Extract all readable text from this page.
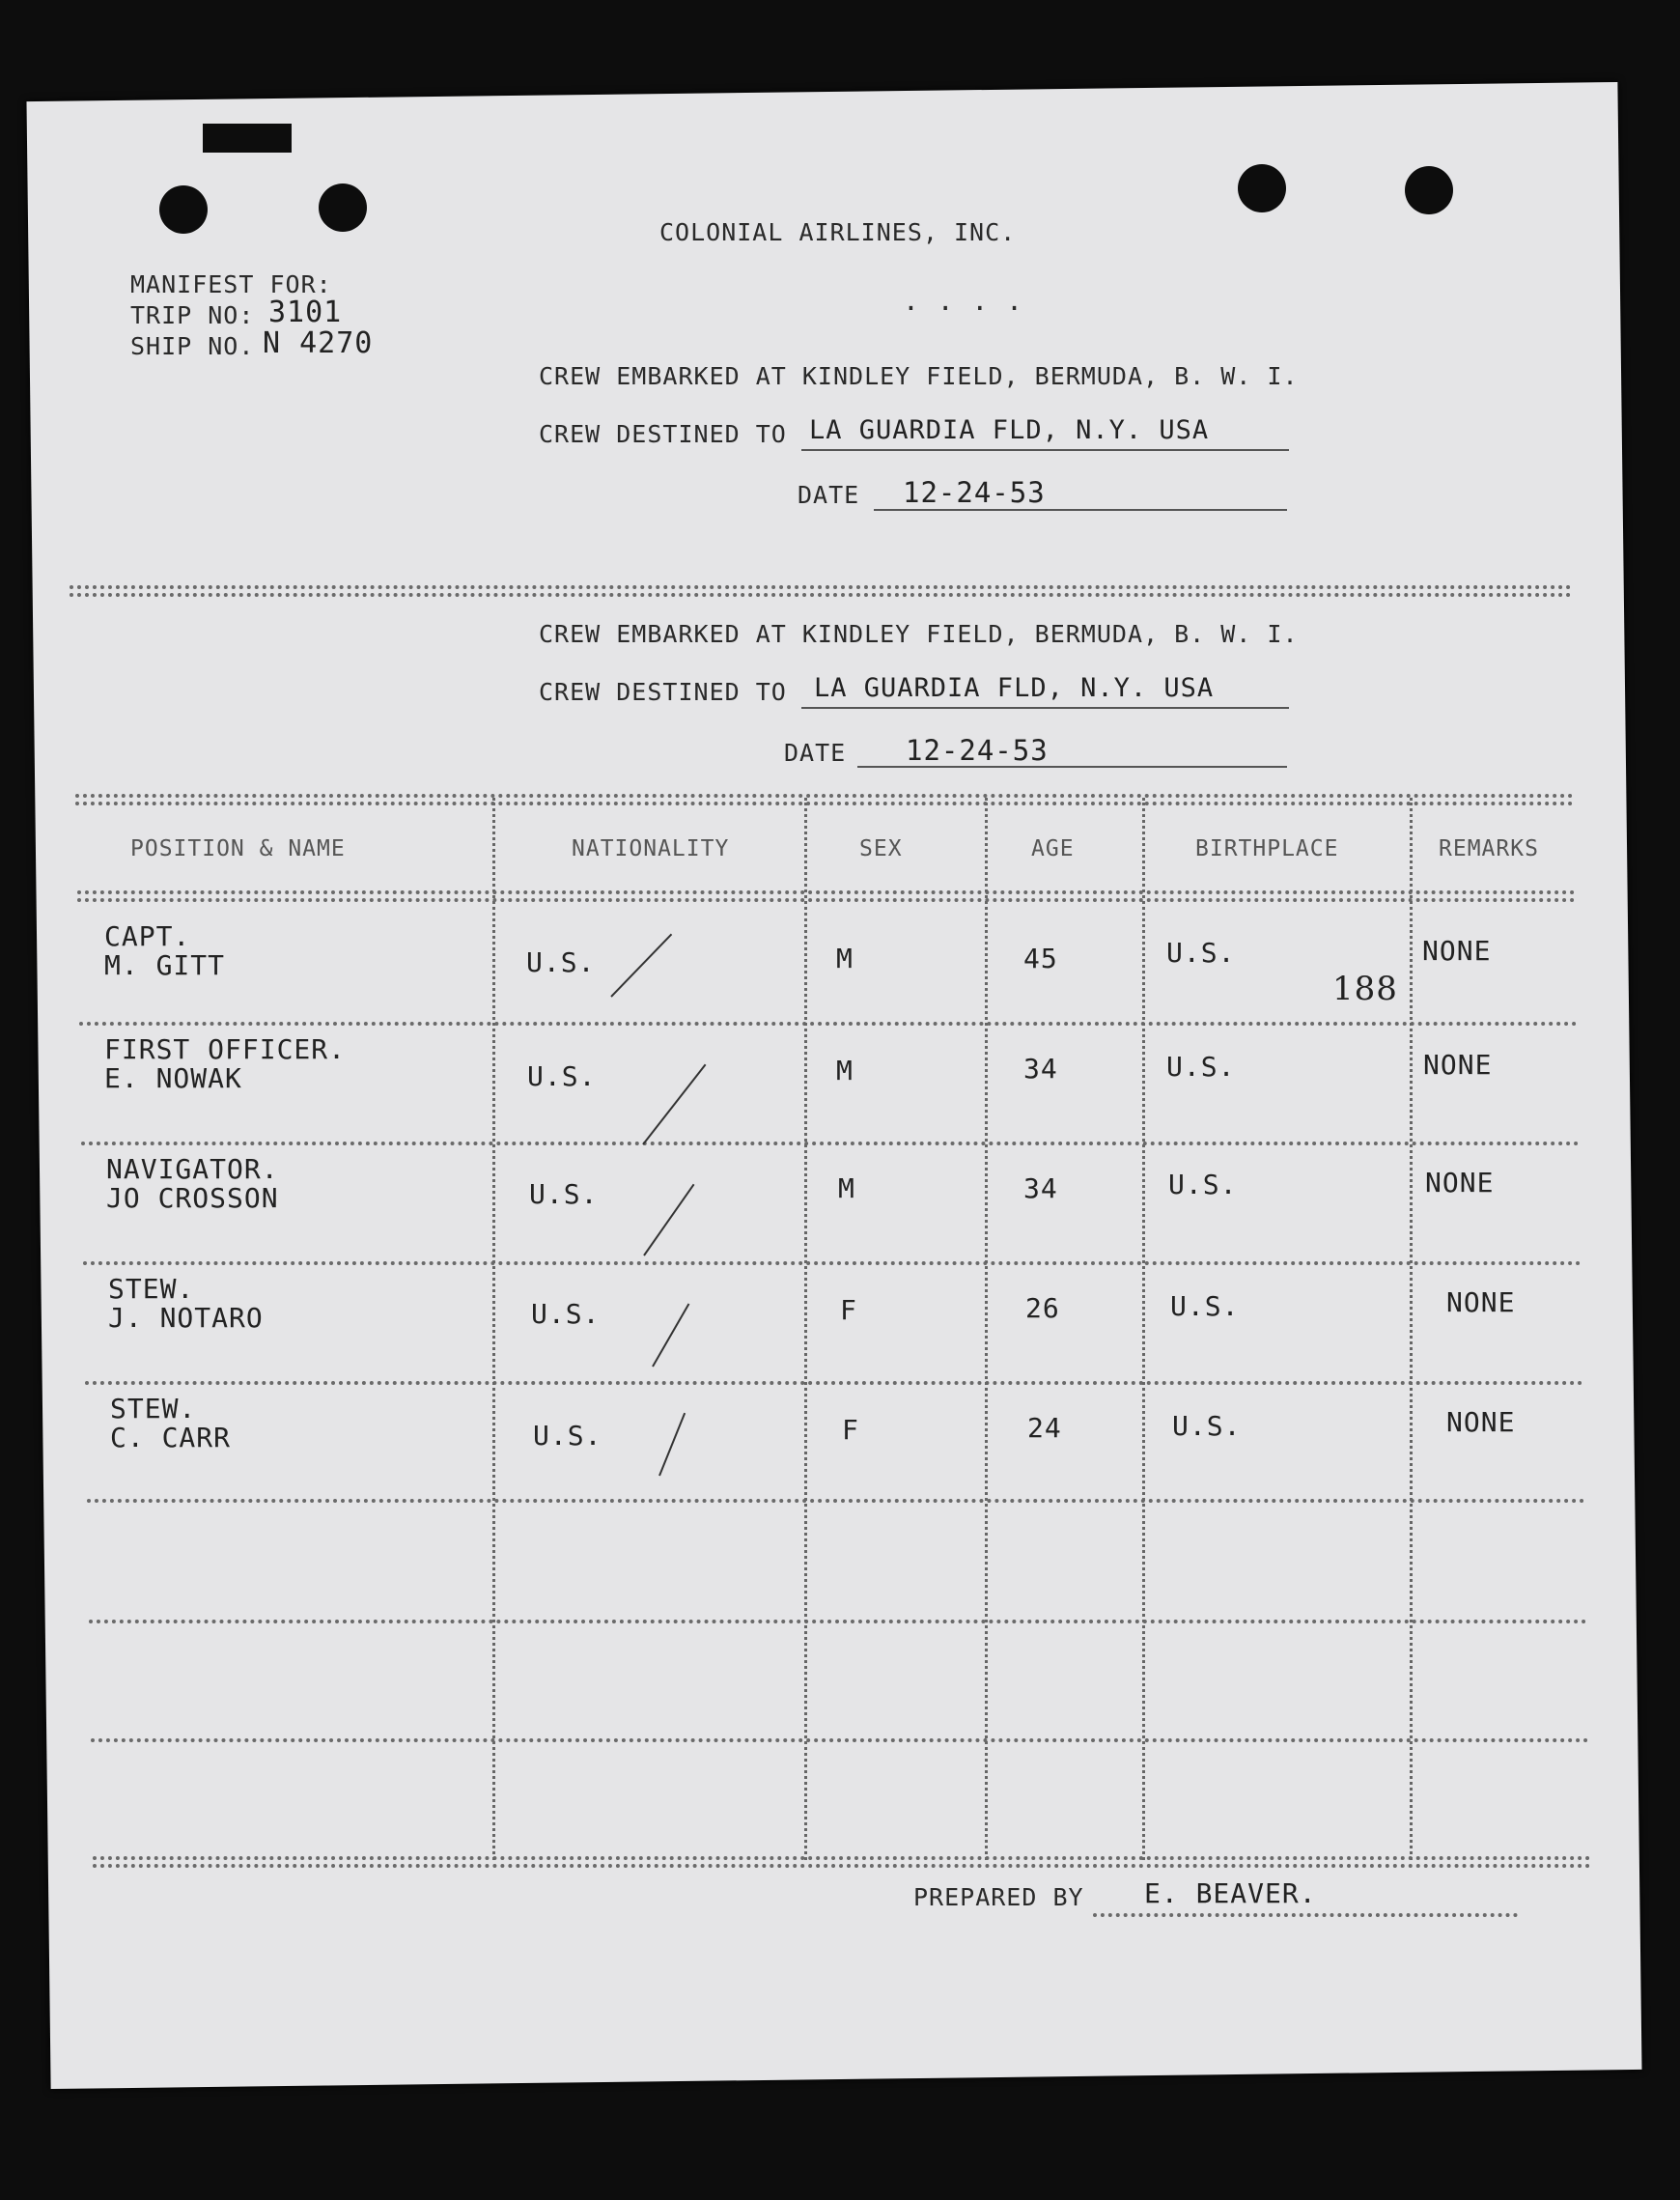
COLONIAL AIRLINES, INC.
. . . .
MANIFEST FOR:
TRIP NO: 3101
SHIP NO. N 4270
CREW EMBARKED AT KINDLEY FIELD, BERMUDA, B. W. I.
CREW DESTINED TO LA GUARDIA FLD, N.Y. USA
DATE 12-24-53
CREW EMBARKED AT KINDLEY FIELD, BERMUDA, B. W. I.
CREW DESTINED TO LA GUARDIA FLD, N.Y. USA
DATE 12-24-53
POSITION & NAME	NATIONALITY	SEX	AGE	BIRTHPLACE	REMARKS
CAPT.
M. GITT	U.S.	M	45	U.S.	NONE
188
FIRST OFFICER.
E. NOWAK	U.S.	M	34	U.S.	NONE
NAVIGATOR.
JO CROSSON	U.S.	M	34	U.S.	NONE
STEW.
J. NOTARO	U.S.	F	26	U.S.	NONE
STEW.
C. CARR	U.S.	F	24	U.S.	NONE
PREPARED BY E. BEAVER.
